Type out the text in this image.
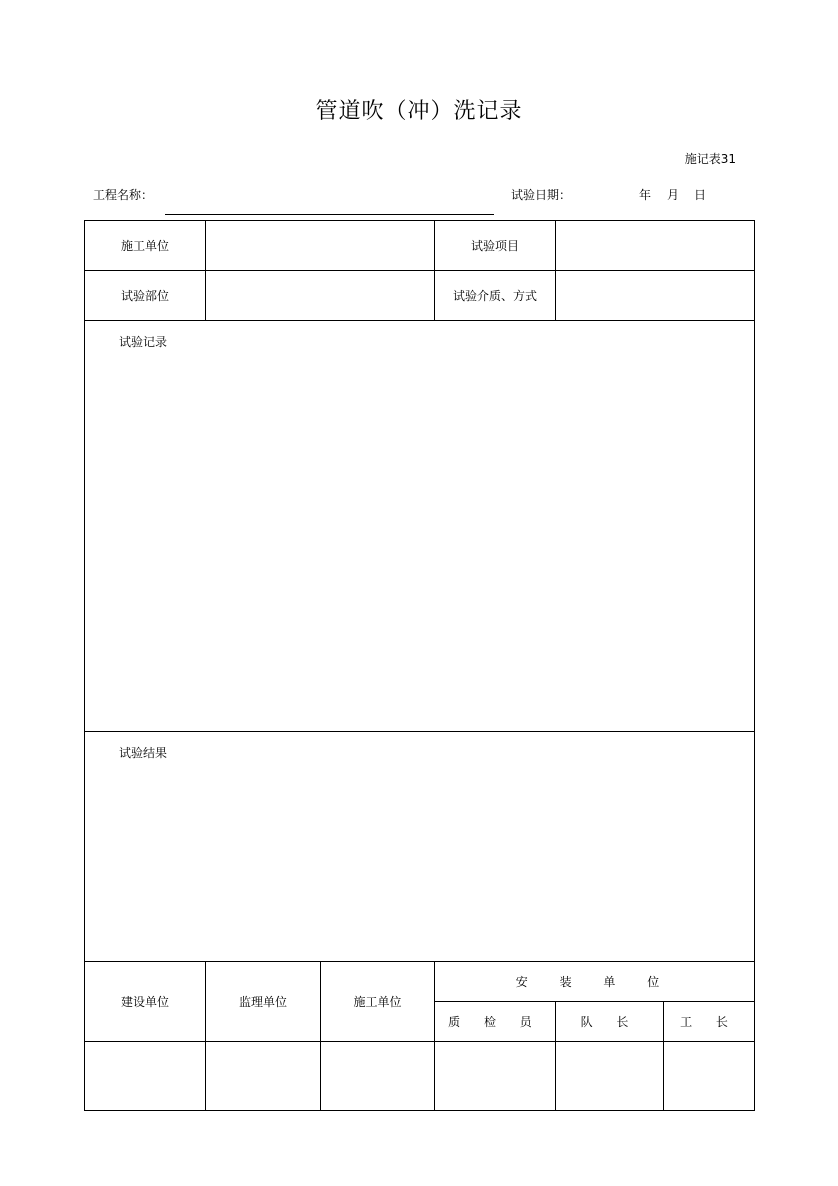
管道吹（冲）洗记录
施记表31
工程名称：	试验日期：	年 月 日
施工单位			试验项目		
试验部位			试验介质、方式		

试验记录					

试验结果					

建设单位	监理单位	施工单位	安 装 单 位		
			质 检 员	队 长	工 长
